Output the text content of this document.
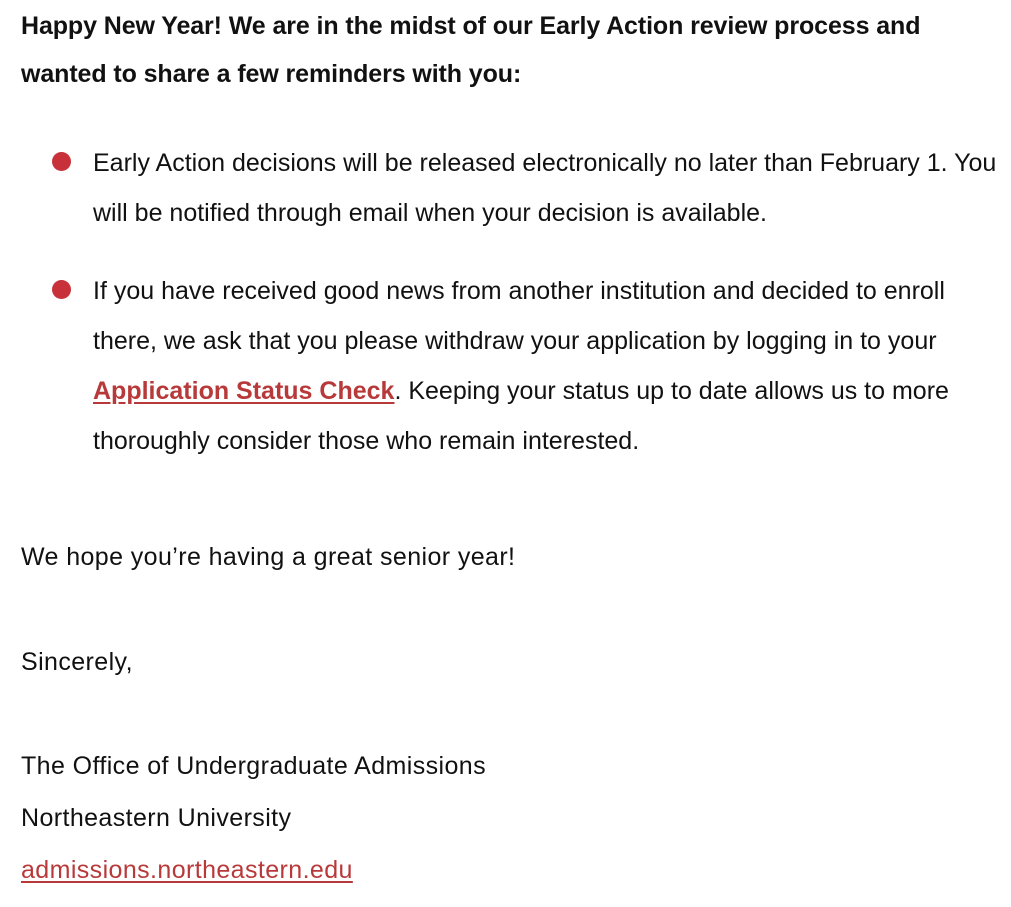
Happy New Year! We are in the midst of our Early Action review process and wanted to share a few reminders with you:

Early Action decisions will be released electronically no later than February 1. You will be notified through email when your decision is available.
If you have received good news from another institution and decided to enroll there, we ask that you please withdraw your application by logging in to your Application Status Check. Keeping your status up to date allows us to more thoroughly consider those who remain interested.

We hope you’re having a great senior year!

Sincerely,

The Office of Undergraduate Admissions

Northeastern University

admissions.northeastern.edu
